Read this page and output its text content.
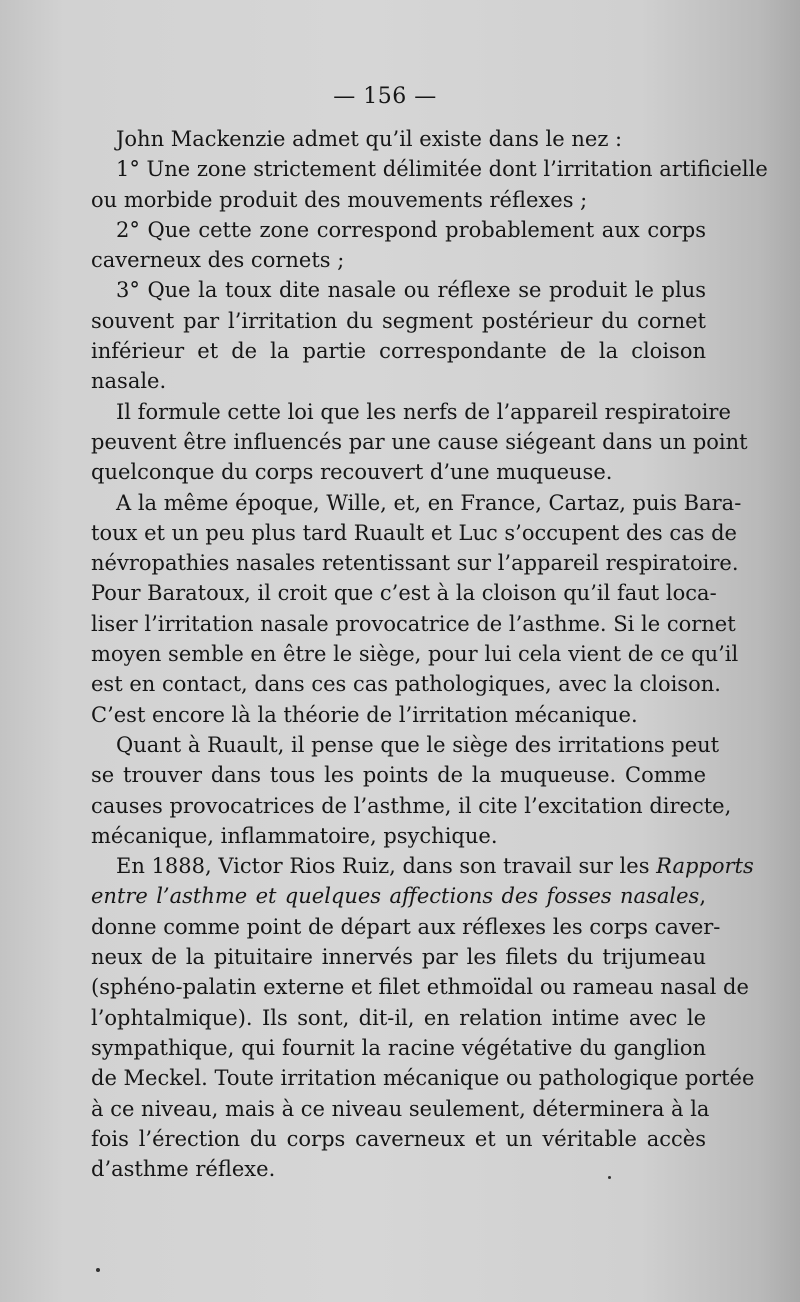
— 156 —
John Mackenzie admet qu’il existe dans le nez :
1° Une zone strictement délimitée dont l’irritation artificielle
ou morbide produit des mouvements réflexes ;
2° Que cette zone correspond probablement aux corps
caverneux des cornets ;
3° Que la toux dite nasale ou réflexe se produit le plus
souvent par l’irritation du segment postérieur du cornet
inférieur et de la partie correspondante de la cloison
nasale.
Il formule cette loi que les nerfs de l’appareil respiratoire
peuvent être influencés par une cause siégeant dans un point
quelconque du corps recouvert d’une muqueuse.
A la même époque, Wille, et, en France, Cartaz, puis Bara-
toux et un peu plus tard Ruault et Luc s’occupent des cas de
névropathies nasales retentissant sur l’appareil respiratoire.
Pour Baratoux, il croit que c’est à la cloison qu’il faut loca-
liser l’irritation nasale provocatrice de l’asthme. Si le cornet
moyen semble en être le siège, pour lui cela vient de ce qu’il
est en contact, dans ces cas pathologiques, avec la cloison.
C’est encore là la théorie de l’irritation mécanique.
Quant à Ruault, il pense que le siège des irritations peut
se trouver dans tous les points de la muqueuse. Comme
causes provocatrices de l’asthme, il cite l’excitation directe,
mécanique, inflammatoire, psychique.
En 1888, Victor Rios Ruiz, dans son travail sur les Rapports
entre l’asthme et quelques affections des fosses nasales,
donne comme point de départ aux réflexes les corps caver-
neux de la pituitaire innervés par les filets du trijumeau
(sphéno-palatin externe et filet ethmoïdal ou rameau nasal de
l’ophtalmique). Ils sont, dit-il, en relation intime avec le
sympathique, qui fournit la racine végétative du ganglion
de Meckel. Toute irritation mécanique ou pathologique portée
à ce niveau, mais à ce niveau seulement, déterminera à la
fois l’érection du corps caverneux et un véritable accès
d’asthme réflexe.
